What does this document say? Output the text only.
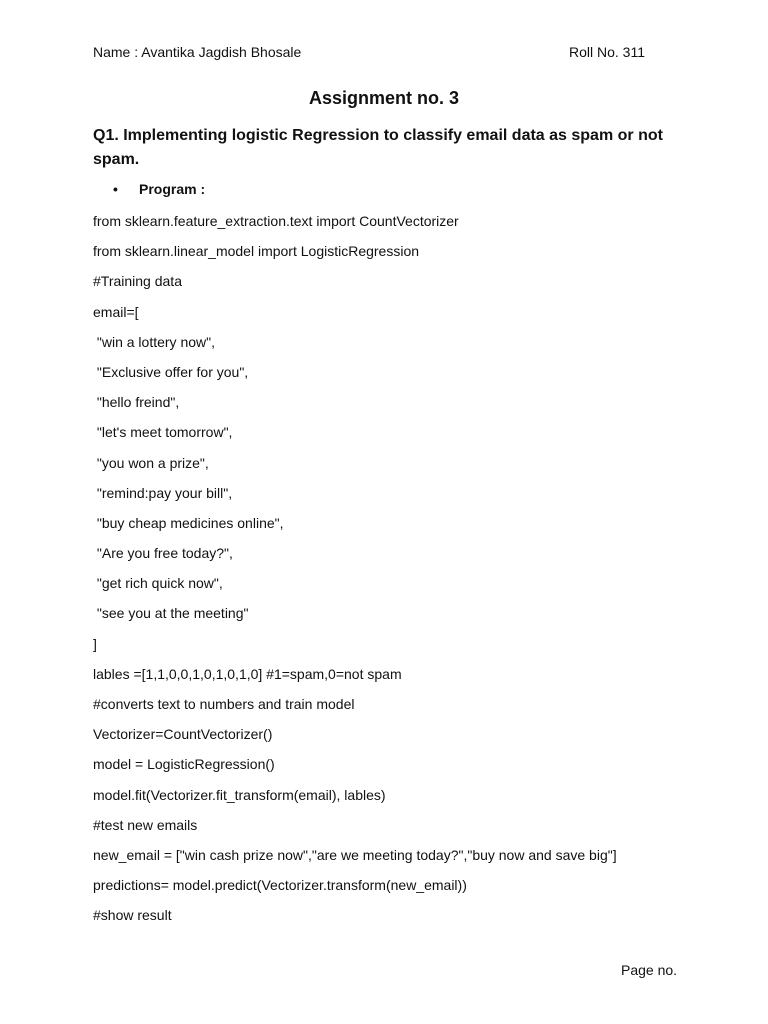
Name : Avantika Jagdish Bhosale	Roll No. 311
Assignment no. 3
Q1. Implementing logistic Regression to classify email data as spam or not spam.
• Program :
from sklearn.feature_extraction.text import CountVectorizer
from sklearn.linear_model import LogisticRegression
#Training data
email=[
"win a lottery now",
"Exclusive offer for you",
"hello freind",
"let's meet tomorrow",
"you won a prize",
"remind:pay your bill",
"buy cheap medicines online",
"Are you free today?",
"get rich quick now",
"see you at the meeting"
]
lables =[1,1,0,0,1,0,1,0,1,0] #1=spam,0=not spam
#converts text to numbers and train model
Vectorizer=CountVectorizer()
model = LogisticRegression()
model.fit(Vectorizer.fit_transform(email), lables)
#test new emails
new_email = ["win cash prize now","are we meeting today?","buy now and save big"]
predictions= model.predict(Vectorizer.transform(new_email))
#show result
Page no.
